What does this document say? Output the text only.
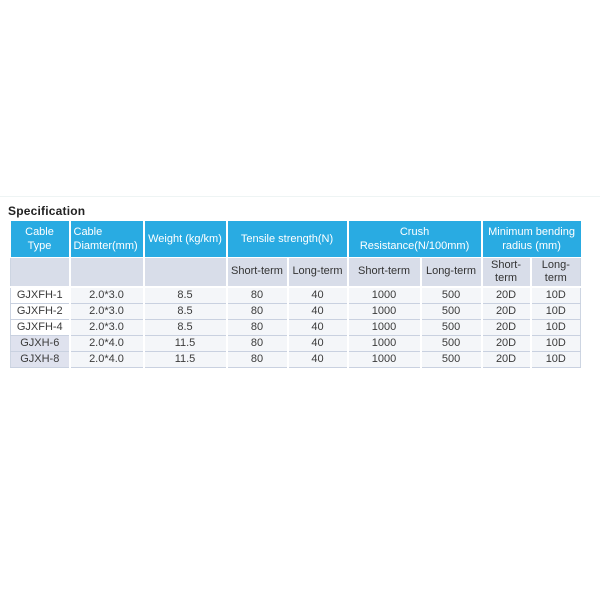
Specification
Cable Type	Cable Diamter(mm)	Weight (kg/km)	Tensile strength(N)		Crush Resistance(N/100mm)		Minimum bending radius (mm)	
			Short-term	Long-term	Short-term	Long-term	Short-term	Long-term
GJXFH-1	2.0*3.0	8.5	80	40	1000	500	20D	10D
GJXFH-2	2.0*3.0	8.5	80	40	1000	500	20D	10D
GJXFH-4	2.0*3.0	8.5	80	40	1000	500	20D	10D
GJXH-6	2.0*4.0	11.5	80	40	1000	500	20D	10D
GJXH-8	2.0*4.0	11.5	80	40	1000	500	20D	10D
